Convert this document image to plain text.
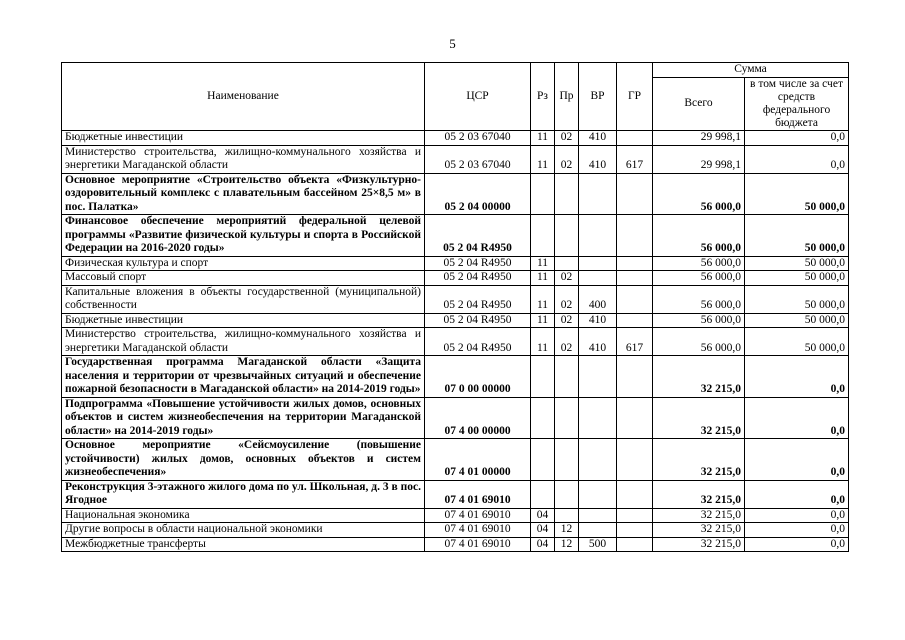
5
Наименование	ЦСР	Рз	Пр	ВР	ГР	Сумма	
						Всего	в том числе за счет средств федерального бюджета
Бюджетные инвестиции	05 2 03 67040	11	02	410		29 998,1	0,0
Министерство строительства, жилищно-коммунального хозяйства и энергетики Магаданской области	05 2 03 67040	11	02	410	617	29 998,1	0,0
Основное мероприятие «Строительство объекта «Физкультурно-оздоровительный комплекс с плавательным бассейном 25×8,5 м» в пос. Палатка»	05 2 04 00000					56 000,0	50 000,0
Финансовое обеспечение мероприятий федеральной целевой программы «Развитие физической культуры и спорта в Российской Федерации на 2016-2020 годы»	05 2 04 R4950					56 000,0	50 000,0
Физическая культура и спорт	05 2 04 R4950	11				56 000,0	50 000,0
Массовый спорт	05 2 04 R4950	11	02			56 000,0	50 000,0
Капитальные вложения в объекты государственной (муниципальной) собственности	05 2 04 R4950	11	02	400		56 000,0	50 000,0
Бюджетные инвестиции	05 2 04 R4950	11	02	410		56 000,0	50 000,0
Министерство строительства, жилищно-коммунального хозяйства и энергетики Магаданской области	05 2 04 R4950	11	02	410	617	56 000,0	50 000,0
Государственная программа Магаданской области «Защита населения и территории от чрезвычайных ситуаций и обеспечение пожарной безопасности в Магаданской области» на 2014-2019 годы»	07 0 00 00000					32 215,0	0,0
Подпрограмма «Повышение устойчивости жилых домов, основных объектов и систем жизнеобеспечения на территории Магаданской области» на 2014-2019 годы»	07 4 00 00000					32 215,0	0,0
Основное мероприятие «Сейсмоусиление (повышение устойчивости) жилых домов, основных объектов и систем жизнеобеспечения»	07 4 01 00000					32 215,0	0,0
Реконструкция 3-этажного жилого дома по ул. Школьная, д. 3 в пос. Ягодное	07 4 01 69010					32 215,0	0,0
Национальная экономика	07 4 01 69010	04				32 215,0	0,0
Другие вопросы в области национальной экономики	07 4 01 69010	04	12			32 215,0	0,0
Межбюджетные трансферты	07 4 01 69010	04	12	500		32 215,0	0,0
